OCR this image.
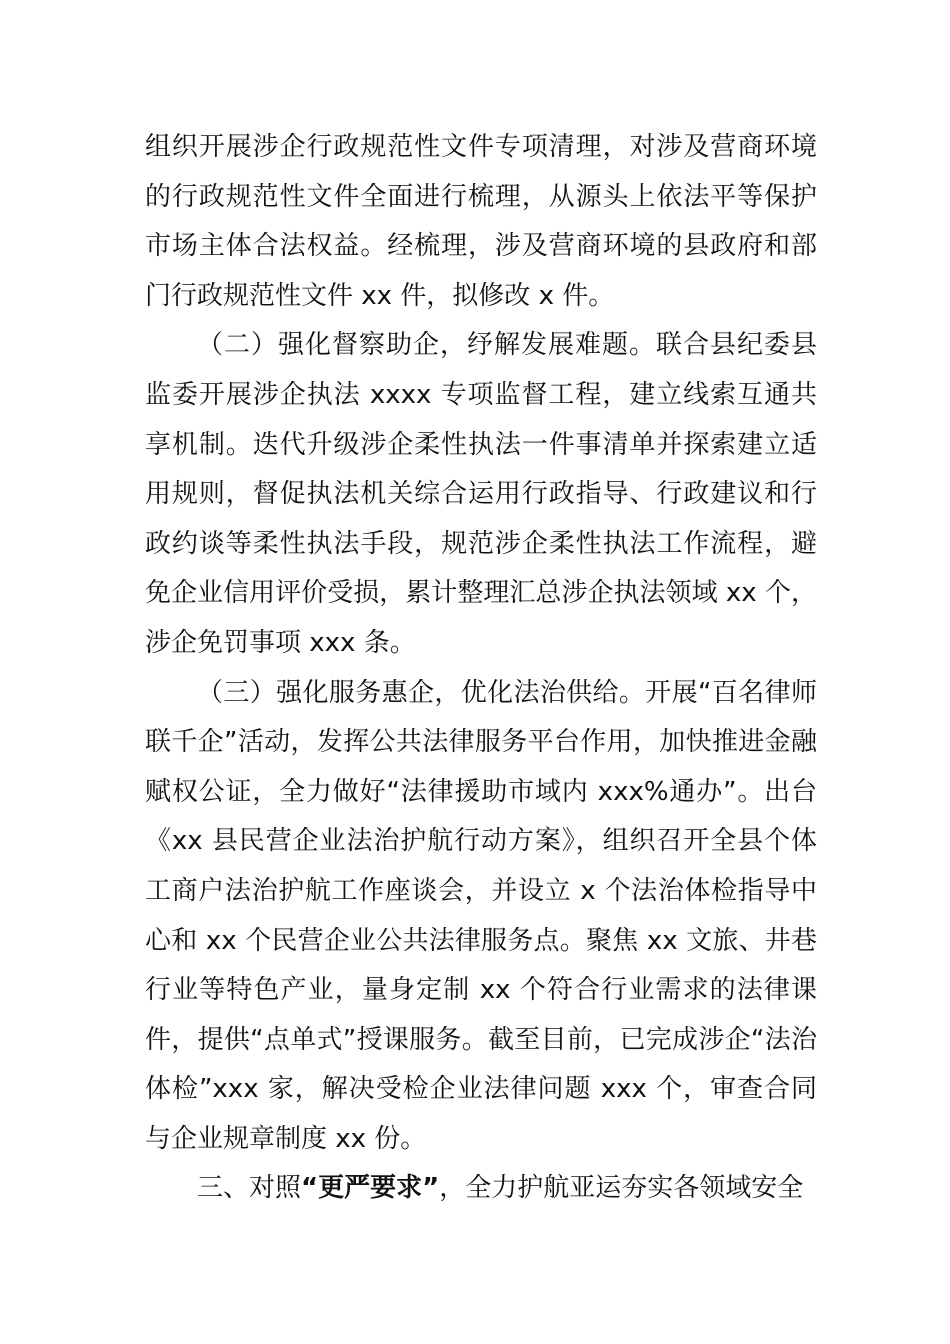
组织开展涉企行政规范性文件专项清理，对涉及营商环境的行政规范性文件全面进行梳理，从源头上依法平等保护市场主体合法权益。经梳理，涉及营商环境的县政府和部门行政规范性文件 xx 件，拟修改 x 件。

（二）强化督察助企，纾解发展难题。联合县纪委县监委开展涉企执法 xxxx 专项监督工程，建立线索互通共享机制。迭代升级涉企柔性执法一件事清单并探索建立适用规则，督促执法机关综合运用行政指导、行政建议和行政约谈等柔性执法手段，规范涉企柔性执法工作流程，避免企业信用评价受损，累计整理汇总涉企执法领域 xx 个，涉企免罚事项 xxx 条。

（三）强化服务惠企，优化法治供给。开展“百名律师联千企”活动，发挥公共法律服务平台作用，加快推进金融赋权公证，全力做好“法律援助市域内 xxx%通办”。出台《xx 县民营企业法治护航行动方案》，组织召开全县个体工商户法治护航工作座谈会，并设立 x 个法治体检指导中心和 xx 个民营企业公共法律服务点。聚焦 xx 文旅、井巷行业等特色产业，量身定制 xx 个符合行业需求的法律课件，提供“点单式”授课服务。截至目前，已完成涉企“法治体检”xxx 家，解决受检企业法律问题 xxx 个，审查合同与企业规章制度 xx 份。

三、对照“更严要求”，全力护航亚运夯实各领域安全
